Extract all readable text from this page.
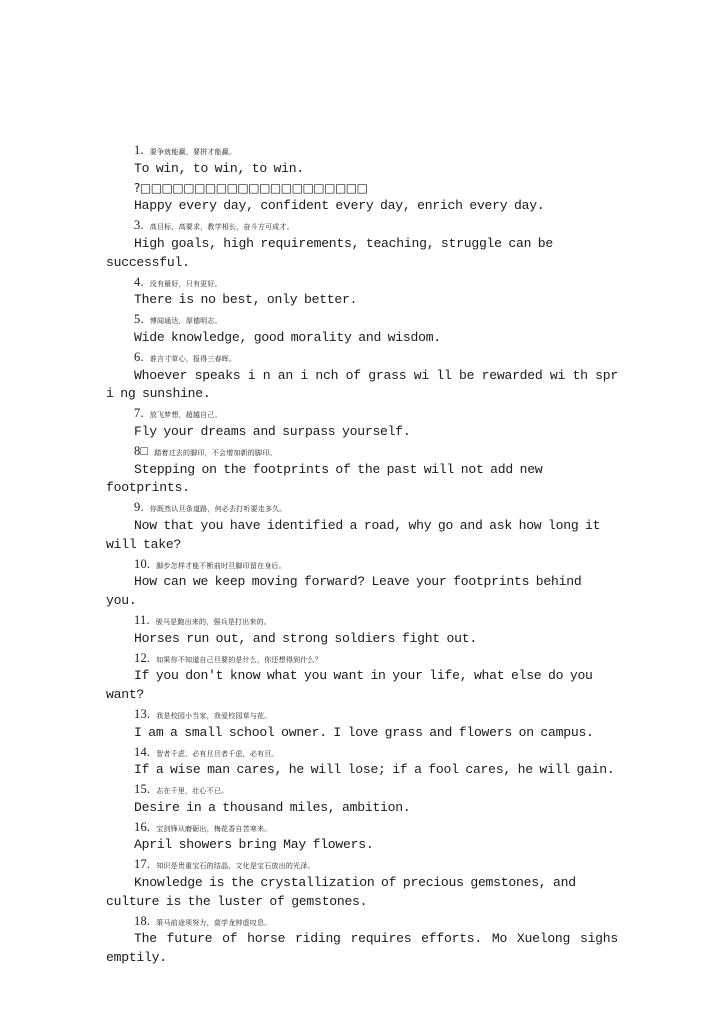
1. 要争就能赢，要拼才能赢。
To win, to win, to win.
?□□□□□□□□□□□□□□□□□□□□□
Happy every day, confident every day, enrich every day.
3. 高目标，高要求，教学相长，奋斗方可成才。
High goals, high requirements, teaching, struggle can be successful.
4. 没有最好，只有更好。
There is no best, only better.
5. 博闻通达，厚德明志。
Wide knowledge, good morality and wisdom.
6. 谁言寸草心，报得三春晖。
Whoever speaks i n an i nch of grass wi ll be rewarded wi th spr i ng sunshine.
7. 放飞梦想，超越自己。
Fly your dreams and surpass yourself.
8□ 踏着过去的脚印，不会增加新的脚印。
Stepping on the footprints of the past will not add new footprints.
9. 你既然认旦条道路，何必去打听要走多久。
Now that you have identified a road, why go and ask how long it will take?
10. 脚步怎样才能不断前时旦脚印留在身后。
How can we keep moving forward? Leave your footprints behind you.
11. 骏马是跑出来的，强兵是打出来的。
Horses run out, and strong soldiers fight out.
12. 如果你不知道自己旦要的是什么，你还想得到什么？
If you don't know what you want in your life, what else do you want?
13. 我是校园小当家，我爱校园草与花。
I am a small school owner. I love grass and flowers on campus.
14. 智者千虑，必有旦旦者千虑，必有旦。
If a wise man cares, he will lose; if a fool cares, he will gain.
15. 志在千里，壮心不已。
Desire in a thousand miles, ambition.
16. 宝剑锋从磨砺出，梅花香自苦寒来。
April showers bring May flowers.
17. 知识是贵重宝石的结晶，文化是宝石放出的光泽。
Knowledge is the crystallization of precious gemstones, and culture is the luster of gemstones.
18. 策马前途须努力，莫学龙钟虚叹息。
The future of horse riding requires efforts. Mo Xuelong sighs emptily.
